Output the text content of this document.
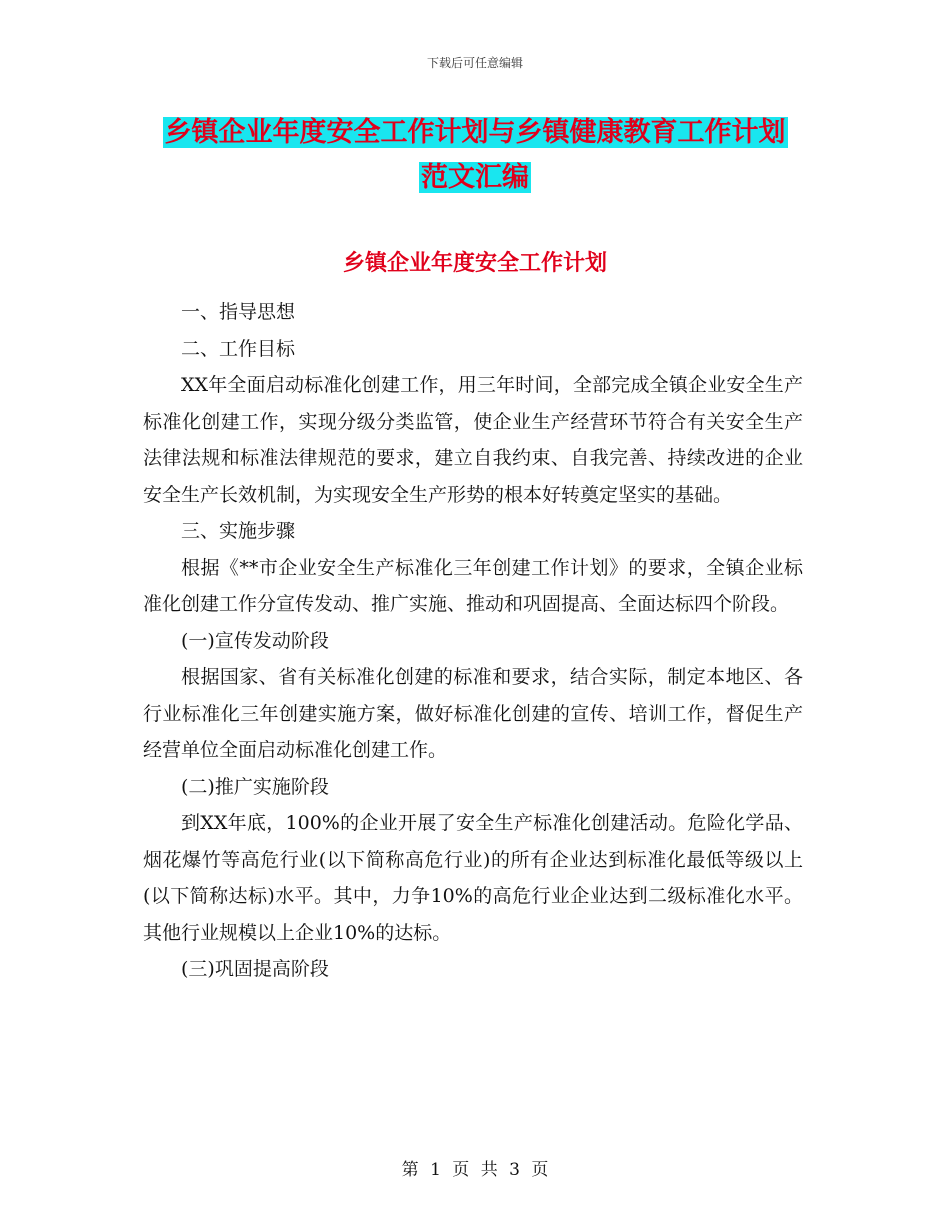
下载后可任意编辑
乡镇企业年度安全工作计划与乡镇健康教育工作计划
范文汇编
乡镇企业年度安全工作计划

一、指导思想

二、工作目标

XX年全面启动标准化创建工作，用三年时间，全部完成全镇企业安全生产标准化创建工作，实现分级分类监管，使企业生产经营环节符合有关安全生产法律法规和标准法律规范的要求，建立自我约束、自我完善、持续改进的企业安全生产长效机制，为实现安全生产形势的根本好转奠定坚实的基础。

三、实施步骤

根据《**市企业安全生产标准化三年创建工作计划》的要求，全镇企业标准化创建工作分宣传发动、推广实施、推动和巩固提高、全面达标四个阶段。

(一)宣传发动阶段

根据国家、省有关标准化创建的标准和要求，结合实际，制定本地区、各行业标准化三年创建实施方案，做好标准化创建的宣传、培训工作，督促生产经营单位全面启动标准化创建工作。

(二)推广实施阶段

到XX年底，100%的企业开展了安全生产标准化创建活动。危险化学品、烟花爆竹等高危行业(以下简称高危行业)的所有企业达到标准化最低等级以上(以下简称达标)水平。其中，力争10%的高危行业企业达到二级标准化水平。其他行业规模以上企业10%的达标。

(三)巩固提高阶段

第 1 页 共 3 页
